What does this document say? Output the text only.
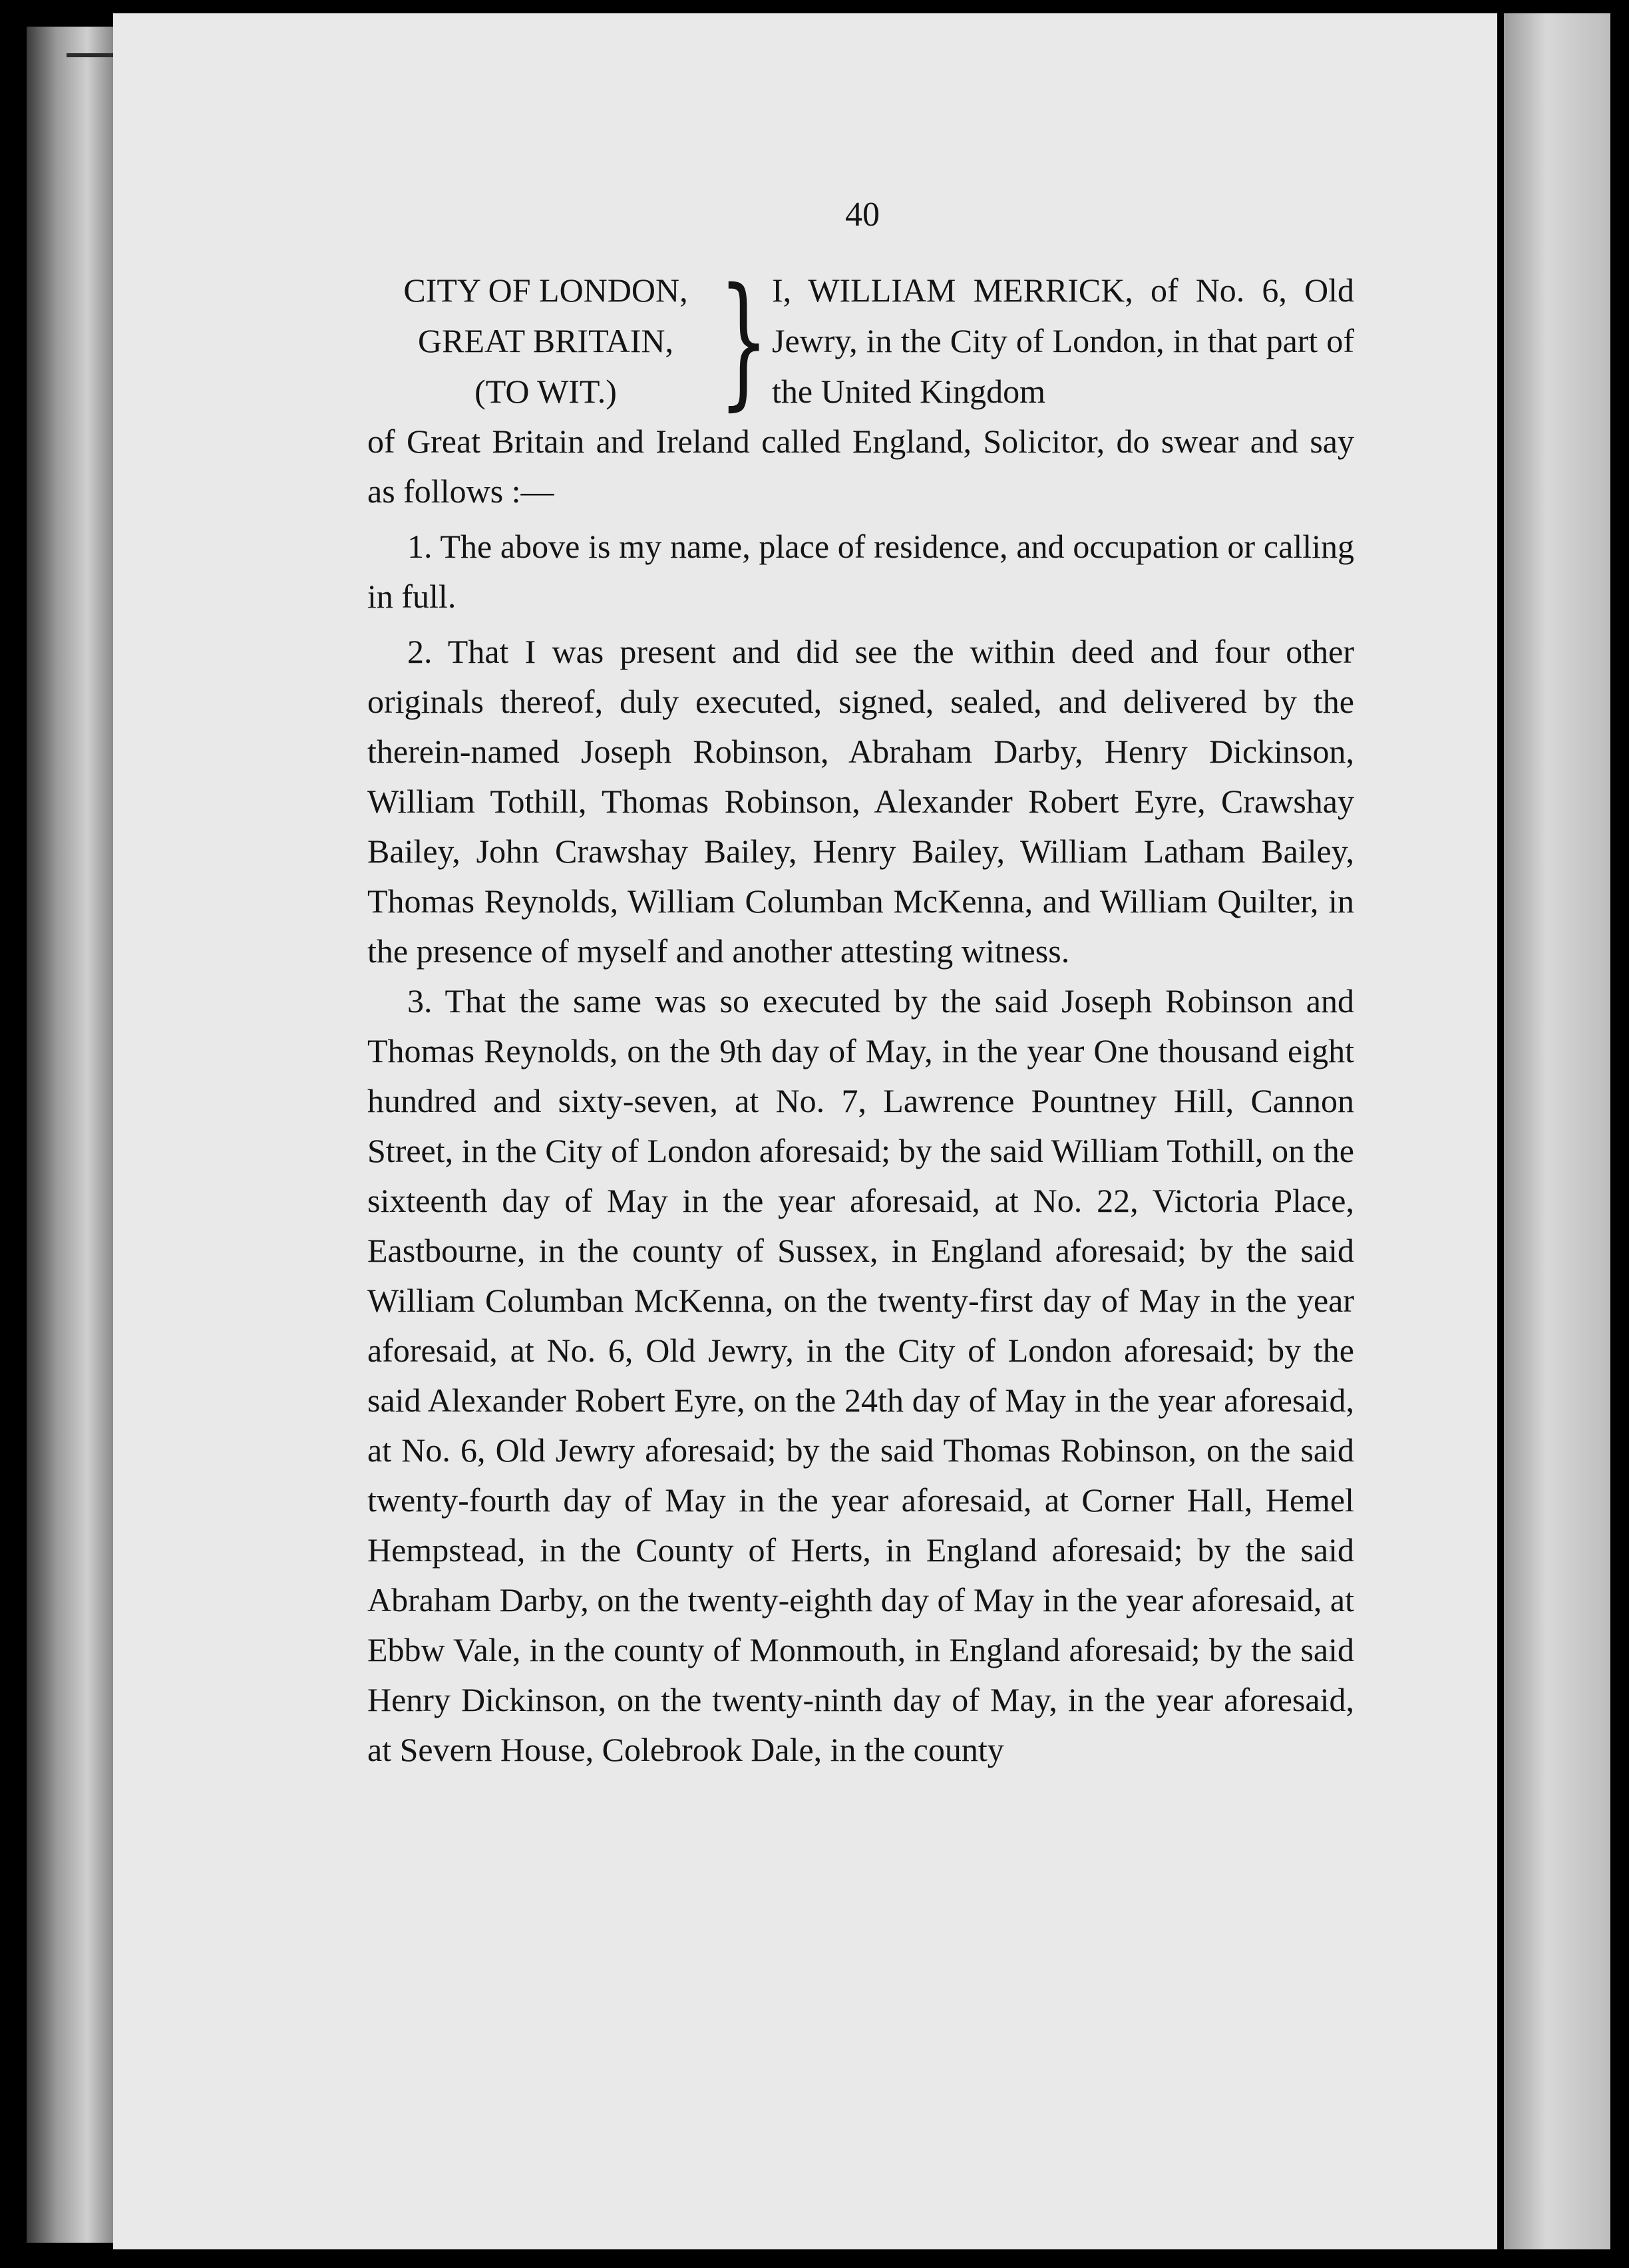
40
CITY OF LONDON,
GREAT BRITAIN,
(TO WIT.) } I, WILLIAM MERRICK, of No. 6, Old Jewry, in the City of London, in that part of the United Kingdom

of Great Britain and Ireland called England, Solicitor, do swear and say as follows :—

1. The above is my name, place of residence, and occupation or calling in full.

2. That I was present and did see the within deed and four other originals thereof, duly executed, signed, sealed, and delivered by the therein-named Joseph Robinson, Abraham Darby, Henry Dickinson, William Tothill, Thomas Robinson, Alexander Robert Eyre, Crawshay Bailey, John Crawshay Bailey, Henry Bailey, William Latham Bailey, Thomas Reynolds, William Columban McKenna, and William Quilter, in the presence of myself and another attesting witness.

3. That the same was so executed by the said Joseph Robinson and Thomas Reynolds, on the 9th day of May, in the year One thousand eight hundred and sixty-seven, at No. 7, Lawrence Pountney Hill, Cannon Street, in the City of London aforesaid; by the said William Tothill, on the sixteenth day of May in the year aforesaid, at No. 22, Victoria Place, Eastbourne, in the county of Sussex, in England aforesaid; by the said William Columban McKenna, on the twenty-first day of May in the year aforesaid, at No. 6, Old Jewry, in the City of London aforesaid; by the said Alexander Robert Eyre, on the 24th day of May in the year aforesaid, at No. 6, Old Jewry aforesaid; by the said Thomas Robinson, on the said twenty-fourth day of May in the year aforesaid, at Corner Hall, Hemel Hempstead, in the County of Herts, in England aforesaid; by the said Abraham Darby, on the twenty-eighth day of May in the year aforesaid, at Ebbw Vale, in the county of Monmouth, in England aforesaid; by the said Henry Dickinson, on the twenty-ninth day of May, in the year aforesaid, at Severn House, Colebrook Dale, in the county
